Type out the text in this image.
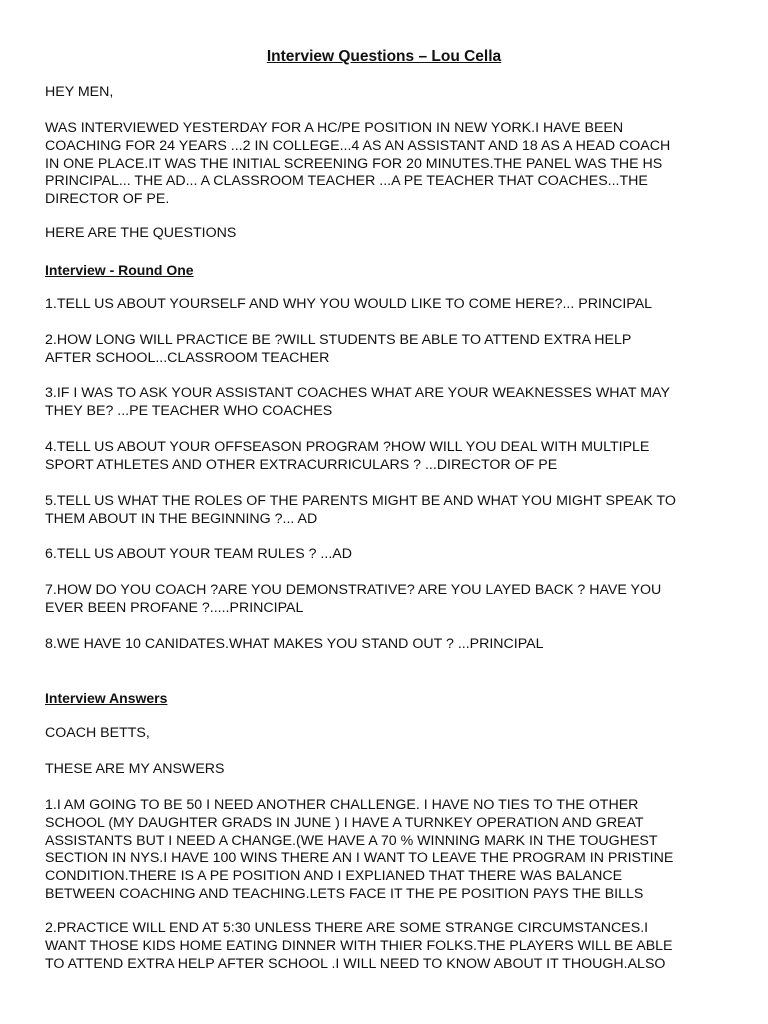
Interview Questions – Lou Cella
HEY MEN,
WAS INTERVIEWED YESTERDAY FOR A HC/PE POSITION IN NEW YORK.I HAVE BEEN
COACHING FOR 24 YEARS ...2 IN COLLEGE...4 AS AN ASSISTANT AND 18 AS A HEAD COACH
IN ONE PLACE.IT WAS THE INITIAL SCREENING FOR 20 MINUTES.THE PANEL WAS THE HS
PRINCIPAL... THE AD... A CLASSROOM TEACHER ...A PE TEACHER THAT COACHES...THE
DIRECTOR OF PE.
HERE ARE THE QUESTIONS
Interview - Round One
1.TELL US ABOUT YOURSELF AND WHY YOU WOULD LIKE TO COME HERE?... PRINCIPAL
2.HOW LONG WILL PRACTICE BE ?WILL STUDENTS BE ABLE TO ATTEND EXTRA HELP
AFTER SCHOOL...CLASSROOM TEACHER
3.IF I WAS TO ASK YOUR ASSISTANT COACHES WHAT ARE YOUR WEAKNESSES WHAT MAY
THEY BE? ...PE TEACHER WHO COACHES
4.TELL US ABOUT YOUR OFFSEASON PROGRAM ?HOW WILL YOU DEAL WITH MULTIPLE
SPORT ATHLETES AND OTHER EXTRACURRICULARS ? ...DIRECTOR OF PE
5.TELL US WHAT THE ROLES OF THE PARENTS MIGHT BE AND WHAT YOU MIGHT SPEAK TO
THEM ABOUT IN THE BEGINNING ?... AD
6.TELL US ABOUT YOUR TEAM RULES ? ...AD
7.HOW DO YOU COACH ?ARE YOU DEMONSTRATIVE? ARE YOU LAYED BACK ? HAVE YOU
EVER BEEN PROFANE ?.....PRINCIPAL
8.WE HAVE 10 CANIDATES.WHAT MAKES YOU STAND OUT ? ...PRINCIPAL
Interview Answers
COACH BETTS,
THESE ARE MY ANSWERS
1.I AM GOING TO BE 50 I NEED ANOTHER CHALLENGE. I HAVE NO TIES TO THE OTHER
SCHOOL (MY DAUGHTER GRADS IN JUNE ) I HAVE A TURNKEY OPERATION AND GREAT
ASSISTANTS BUT I NEED A CHANGE.(WE HAVE A 70 % WINNING MARK IN THE TOUGHEST
SECTION IN NYS.I HAVE 100 WINS THERE AN I WANT TO LEAVE THE PROGRAM IN PRISTINE
CONDITION.THERE IS A PE POSITION AND I EXPLIANED THAT THERE WAS BALANCE
BETWEEN COACHING AND TEACHING.LETS FACE IT THE PE POSITION PAYS THE BILLS
2.PRACTICE WILL END AT 5:30 UNLESS THERE ARE SOME STRANGE CIRCUMSTANCES.I
WANT THOSE KIDS HOME EATING DINNER WITH THIER FOLKS.THE PLAYERS WILL BE ABLE
TO ATTEND EXTRA HELP AFTER SCHOOL .I WILL NEED TO KNOW ABOUT IT THOUGH.ALSO
